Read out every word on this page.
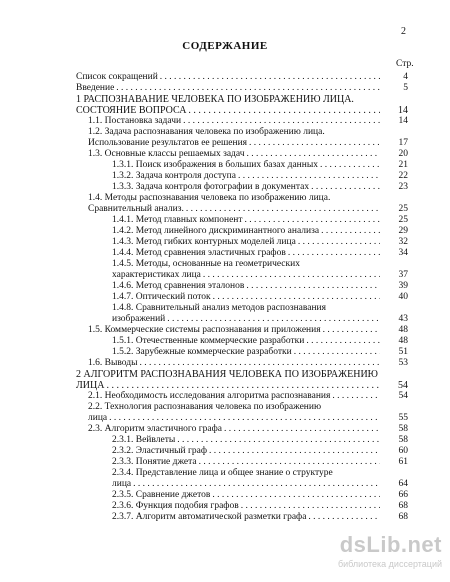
2
СОДЕРЖАНИЕ
Стр.
Список сокращений . . .	4
Введение . . .	5
1 РАСПОЗНАВАНИЕ ЧЕЛОВЕКА ПО ИЗОБРАЖЕНИЮ ЛИЦА.
СОСТОЯНИЕ ВОПРОСА . . .	14
1.1. Постановка задачи . . .	14
1.2. Задача распознавания человека по изображению лица.
Использование результатов ее решения . . .	17
1.3. Основные классы решаемых задач . . .	20
1.3.1. Поиск изображения в больших базах данных . . .	21
1.3.2. Задача контроля доступа . . .	22
1.3.3. Задача контроля фотографии в документах . . .	23
1.4. Методы распознавания человека по изображению лица.
Сравнительный анализ. . . .	25
1.4.1. Метод главных компонент . . .	25
1.4.2. Метод линейного дискриминантного анализа . . .	29
1.4.3. Метод гибких контурных моделей лица . . .	32
1.4.4. Метод сравнения эластичных графов . . .	34
1.4.5. Методы, основанные на геометрических
характеристиках лица . . .	37
1.4.6. Метод сравнения эталонов . . .	39
1.4.7. Оптический поток . . .	40
1.4.8. Сравнительный анализ методов распознавания
изображений . . .	43
1.5. Коммерческие системы распознавания и приложения . . .	48
1.5.1. Отечественные коммерческие разработки . . .	48
1.5.2. Зарубежные коммерческие разработки . . .	51
1.6. Выводы . . .	53
2 АЛГОРИТМ РАСПОЗНАВАНИЯ ЧЕЛОВЕКА ПО ИЗОБРАЖЕНИЮ
ЛИЦА . . .	54
2.1. Необходимость исследования алгоритма распознавания . . .	54
2.2. Технология распознавания человека по изображению
лица . . .	55
2.3. Алгоритм эластичного графа . . .	58
2.3.1. Вейвлеты . . .	58
2.3.2. Эластичный граф . . .	60
2.3.3. Понятие джета . . .	61
2.3.4. Представление лица и общее знание о структуре
лица . . .	64
2.3.5. Сравнение джетов . . .	66
2.3.6. Функция подобия графов . . .	68
2.3.7. Алгоритм автоматической разметки графа . . .	68
dsLib.net
библиотека диссертаций
